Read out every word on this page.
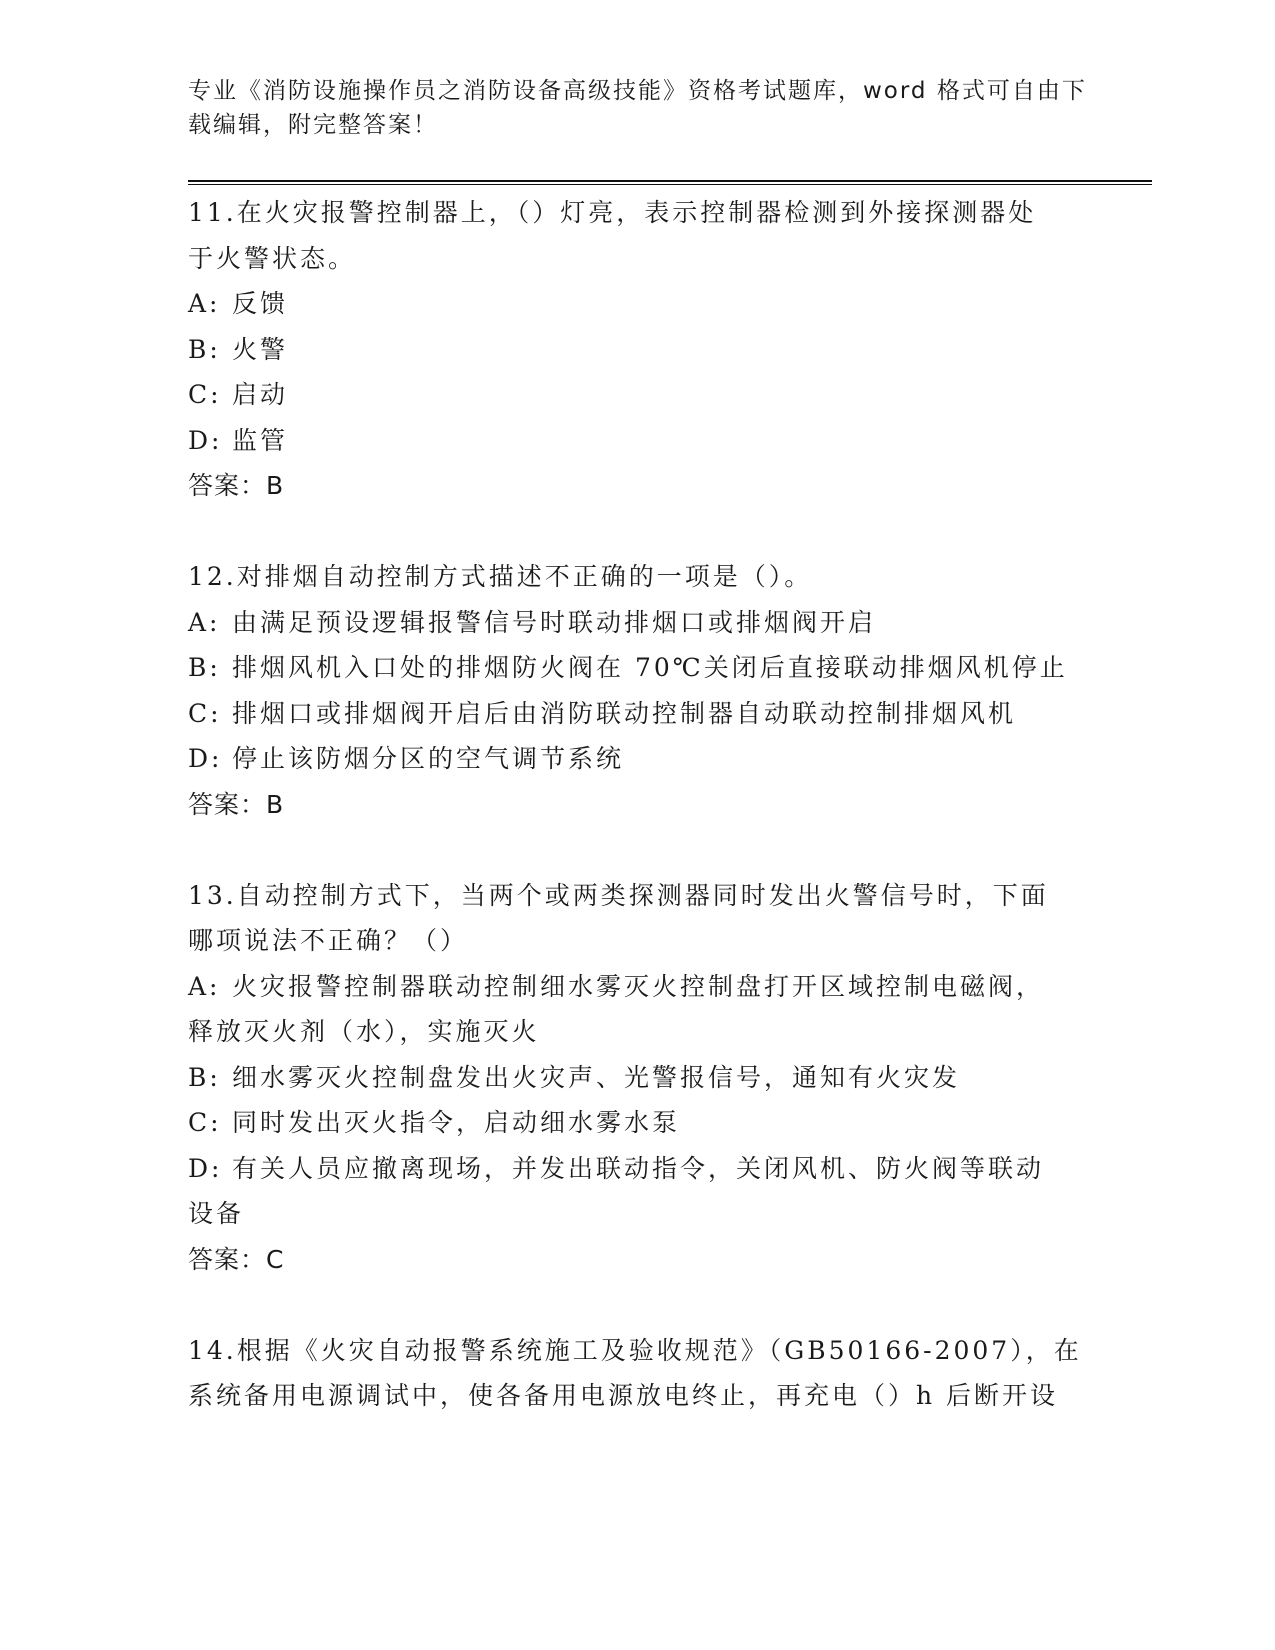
专业《消防设施操作员之消防设备高级技能》资格考试题库，word 格式可自由下
载编辑，附完整答案！
11.在火灾报警控制器上，（）灯亮，表示控制器检测到外接探测器处
于火警状态。
A: 反馈
B: 火警
C: 启动
D: 监管
答案：B
12.对排烟自动控制方式描述不正确的一项是（）。
A: 由满足预设逻辑报警信号时联动排烟口或排烟阀开启
B: 排烟风机入口处的排烟防火阀在 70℃关闭后直接联动排烟风机停止
C: 排烟口或排烟阀开启后由消防联动控制器自动联动控制排烟风机
D: 停止该防烟分区的空气调节系统
答案：B
13.自动控制方式下，当两个或两类探测器同时发出火警信号时，下面
哪项说法不正确？（）
A: 火灾报警控制器联动控制细水雾灭火控制盘打开区域控制电磁阀，
释放灭火剂（水），实施灭火
B: 细水雾灭火控制盘发出火灾声、光警报信号，通知有火灾发
C: 同时发出灭火指令，启动细水雾水泵
D: 有关人员应撤离现场，并发出联动指令，关闭风机、防火阀等联动
设备
答案：C
14.根据《火灾自动报警系统施工及验收规范》（GB50166-2007），在
系统备用电源调试中，使各备用电源放电终止，再充电（）h 后断开设
